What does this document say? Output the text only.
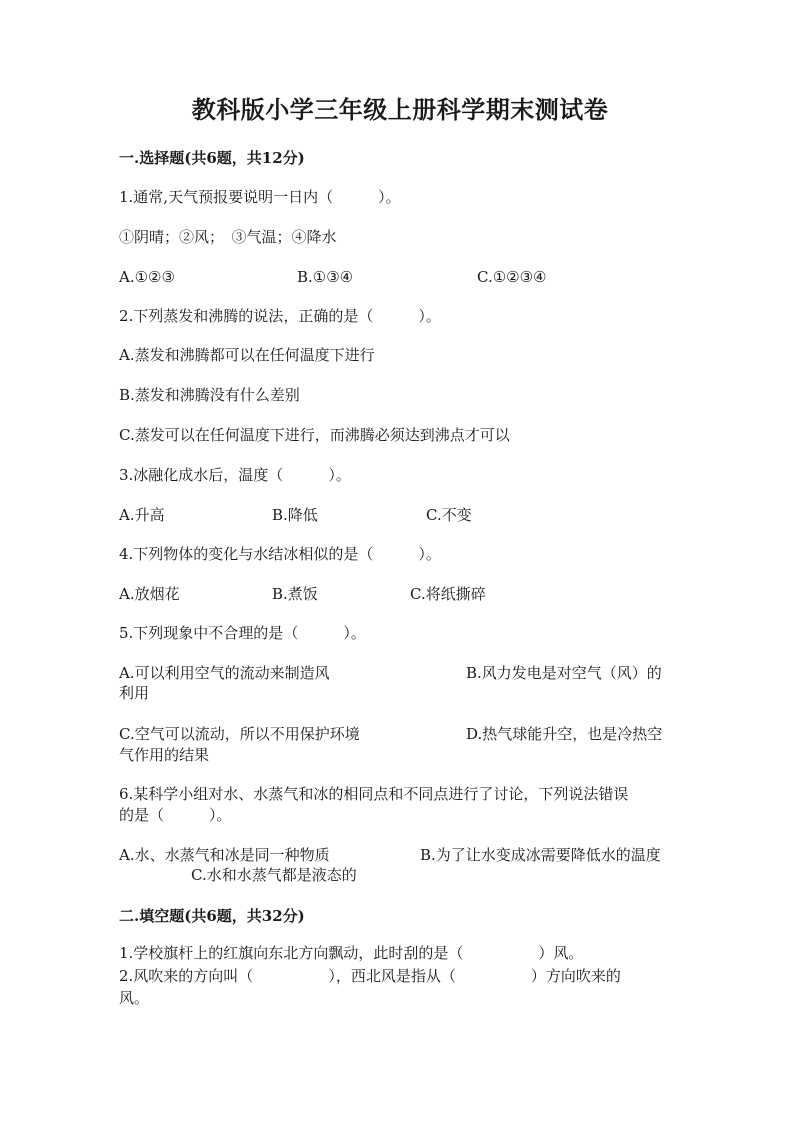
教科版小学三年级上册科学期末测试卷
一.选择题(共6题，共12分)
1.通常,天气预报要说明一日内（　　　）。
①阴晴；②风；　③气温；④降水
A.①②③	B.①③④	C.①②③④
2.下列蒸发和沸腾的说法，正确的是（　　　）。
A.蒸发和沸腾都可以在任何温度下进行
B.蒸发和沸腾没有什么差别
C.蒸发可以在任何温度下进行，而沸腾必须达到沸点才可以
3.冰融化成水后，温度（　　　）。
A.升高	B.降低	C.不变
4.下列物体的变化与水结冰相似的是（　　　）。
A.放烟花	B.煮饭	C.将纸撕碎
5.下列现象中不合理的是（　　　）。
A.可以利用空气的流动来制造风	B.风力发电是对空气（风）的
利用
C.空气可以流动，所以不用保护环境	D.热气球能升空，也是冷热空
气作用的结果
6.某科学小组对水、水蒸气和冰的相同点和不同点进行了讨论，下列说法错误
的是（　　　）。
A.水、水蒸气和冰是同一种物质	B.为了让水变成冰需要降低水的温度
C.水和水蒸气都是液态的
二.填空题(共6题，共32分)
1.学校旗杆上的红旗向东北方向飘动，此时刮的是（　　　　　）风。
2.风吹来的方向叫（　　　　　），西北风是指从（　　　　　）方向吹来的
风。
